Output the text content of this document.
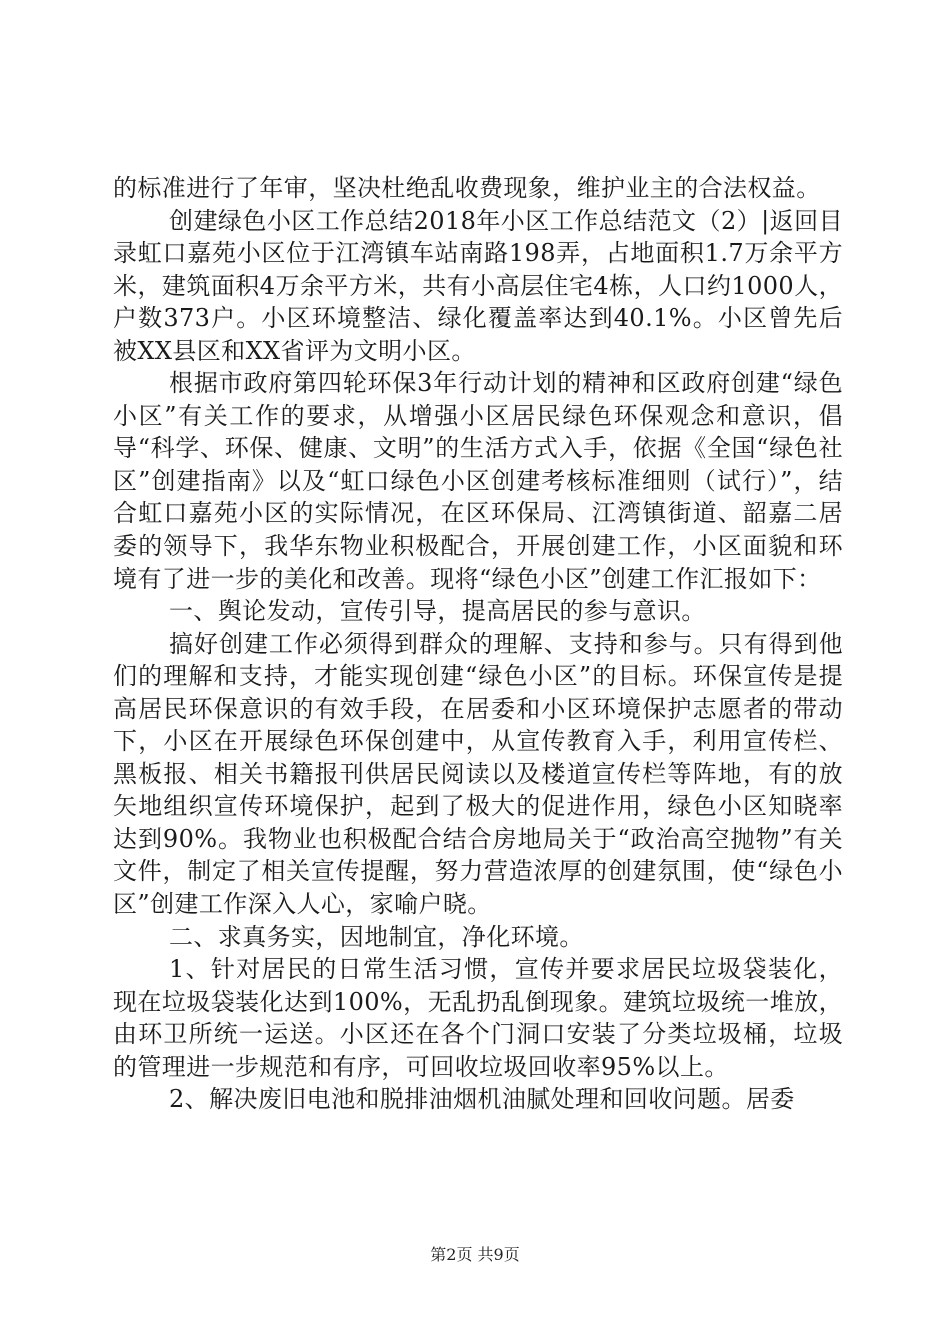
的标准进行了年审，坚决杜绝乱收费现象，维护业主的合法权益。

创建绿色小区工作总结2018年小区工作总结范文（2）|返回目录虹口嘉苑小区位于江湾镇车站南路198弄，占地面积1.7万余平方米，建筑面积4万余平方米，共有小高层住宅4栋，人口约1000人，户数373户。小区环境整洁、绿化覆盖率达到40.1%。小区曾先后被XX县区和XX省评为文明小区。

根据市政府第四轮环保3年行动计划的精神和区政府创建“绿色小区”有关工作的要求，从增强小区居民绿色环保观念和意识，倡导“科学、环保、健康、文明”的生活方式入手，依据《全国“绿色社区”创建指南》以及“虹口绿色小区创建考核标准细则（试行）”，结合虹口嘉苑小区的实际情况，在区环保局、江湾镇街道、韶嘉二居委的领导下，我华东物业积极配合，开展创建工作，小区面貌和环境有了进一步的美化和改善。现将“绿色小区”创建工作汇报如下：

一、舆论发动，宣传引导，提高居民的参与意识。

搞好创建工作必须得到群众的理解、支持和参与。只有得到他们的理解和支持，才能实现创建“绿色小区”的目标。环保宣传是提高居民环保意识的有效手段，在居委和小区环境保护志愿者的带动下，小区在开展绿色环保创建中，从宣传教育入手，利用宣传栏、黑板报、相关书籍报刊供居民阅读以及楼道宣传栏等阵地，有的放矢地组织宣传环境保护，起到了极大的促进作用，绿色小区知晓率达到90%。我物业也积极配合结合房地局关于“政治高空抛物”有关文件，制定了相关宣传提醒，努力营造浓厚的创建氛围，使“绿色小区”创建工作深入人心，家喻户晓。

二、求真务实，因地制宜，净化环境。

1、针对居民的日常生活习惯，宣传并要求居民垃圾袋装化，现在垃圾袋装化达到100%，无乱扔乱倒现象。建筑垃圾统一堆放，由环卫所统一运送。小区还在各个门洞口安装了分类垃圾桶，垃圾的管理进一步规范和有序，可回收垃圾回收率95%以上。

2、解决废旧电池和脱排油烟机油腻处理和回收问题。居委

第2页 共9页
